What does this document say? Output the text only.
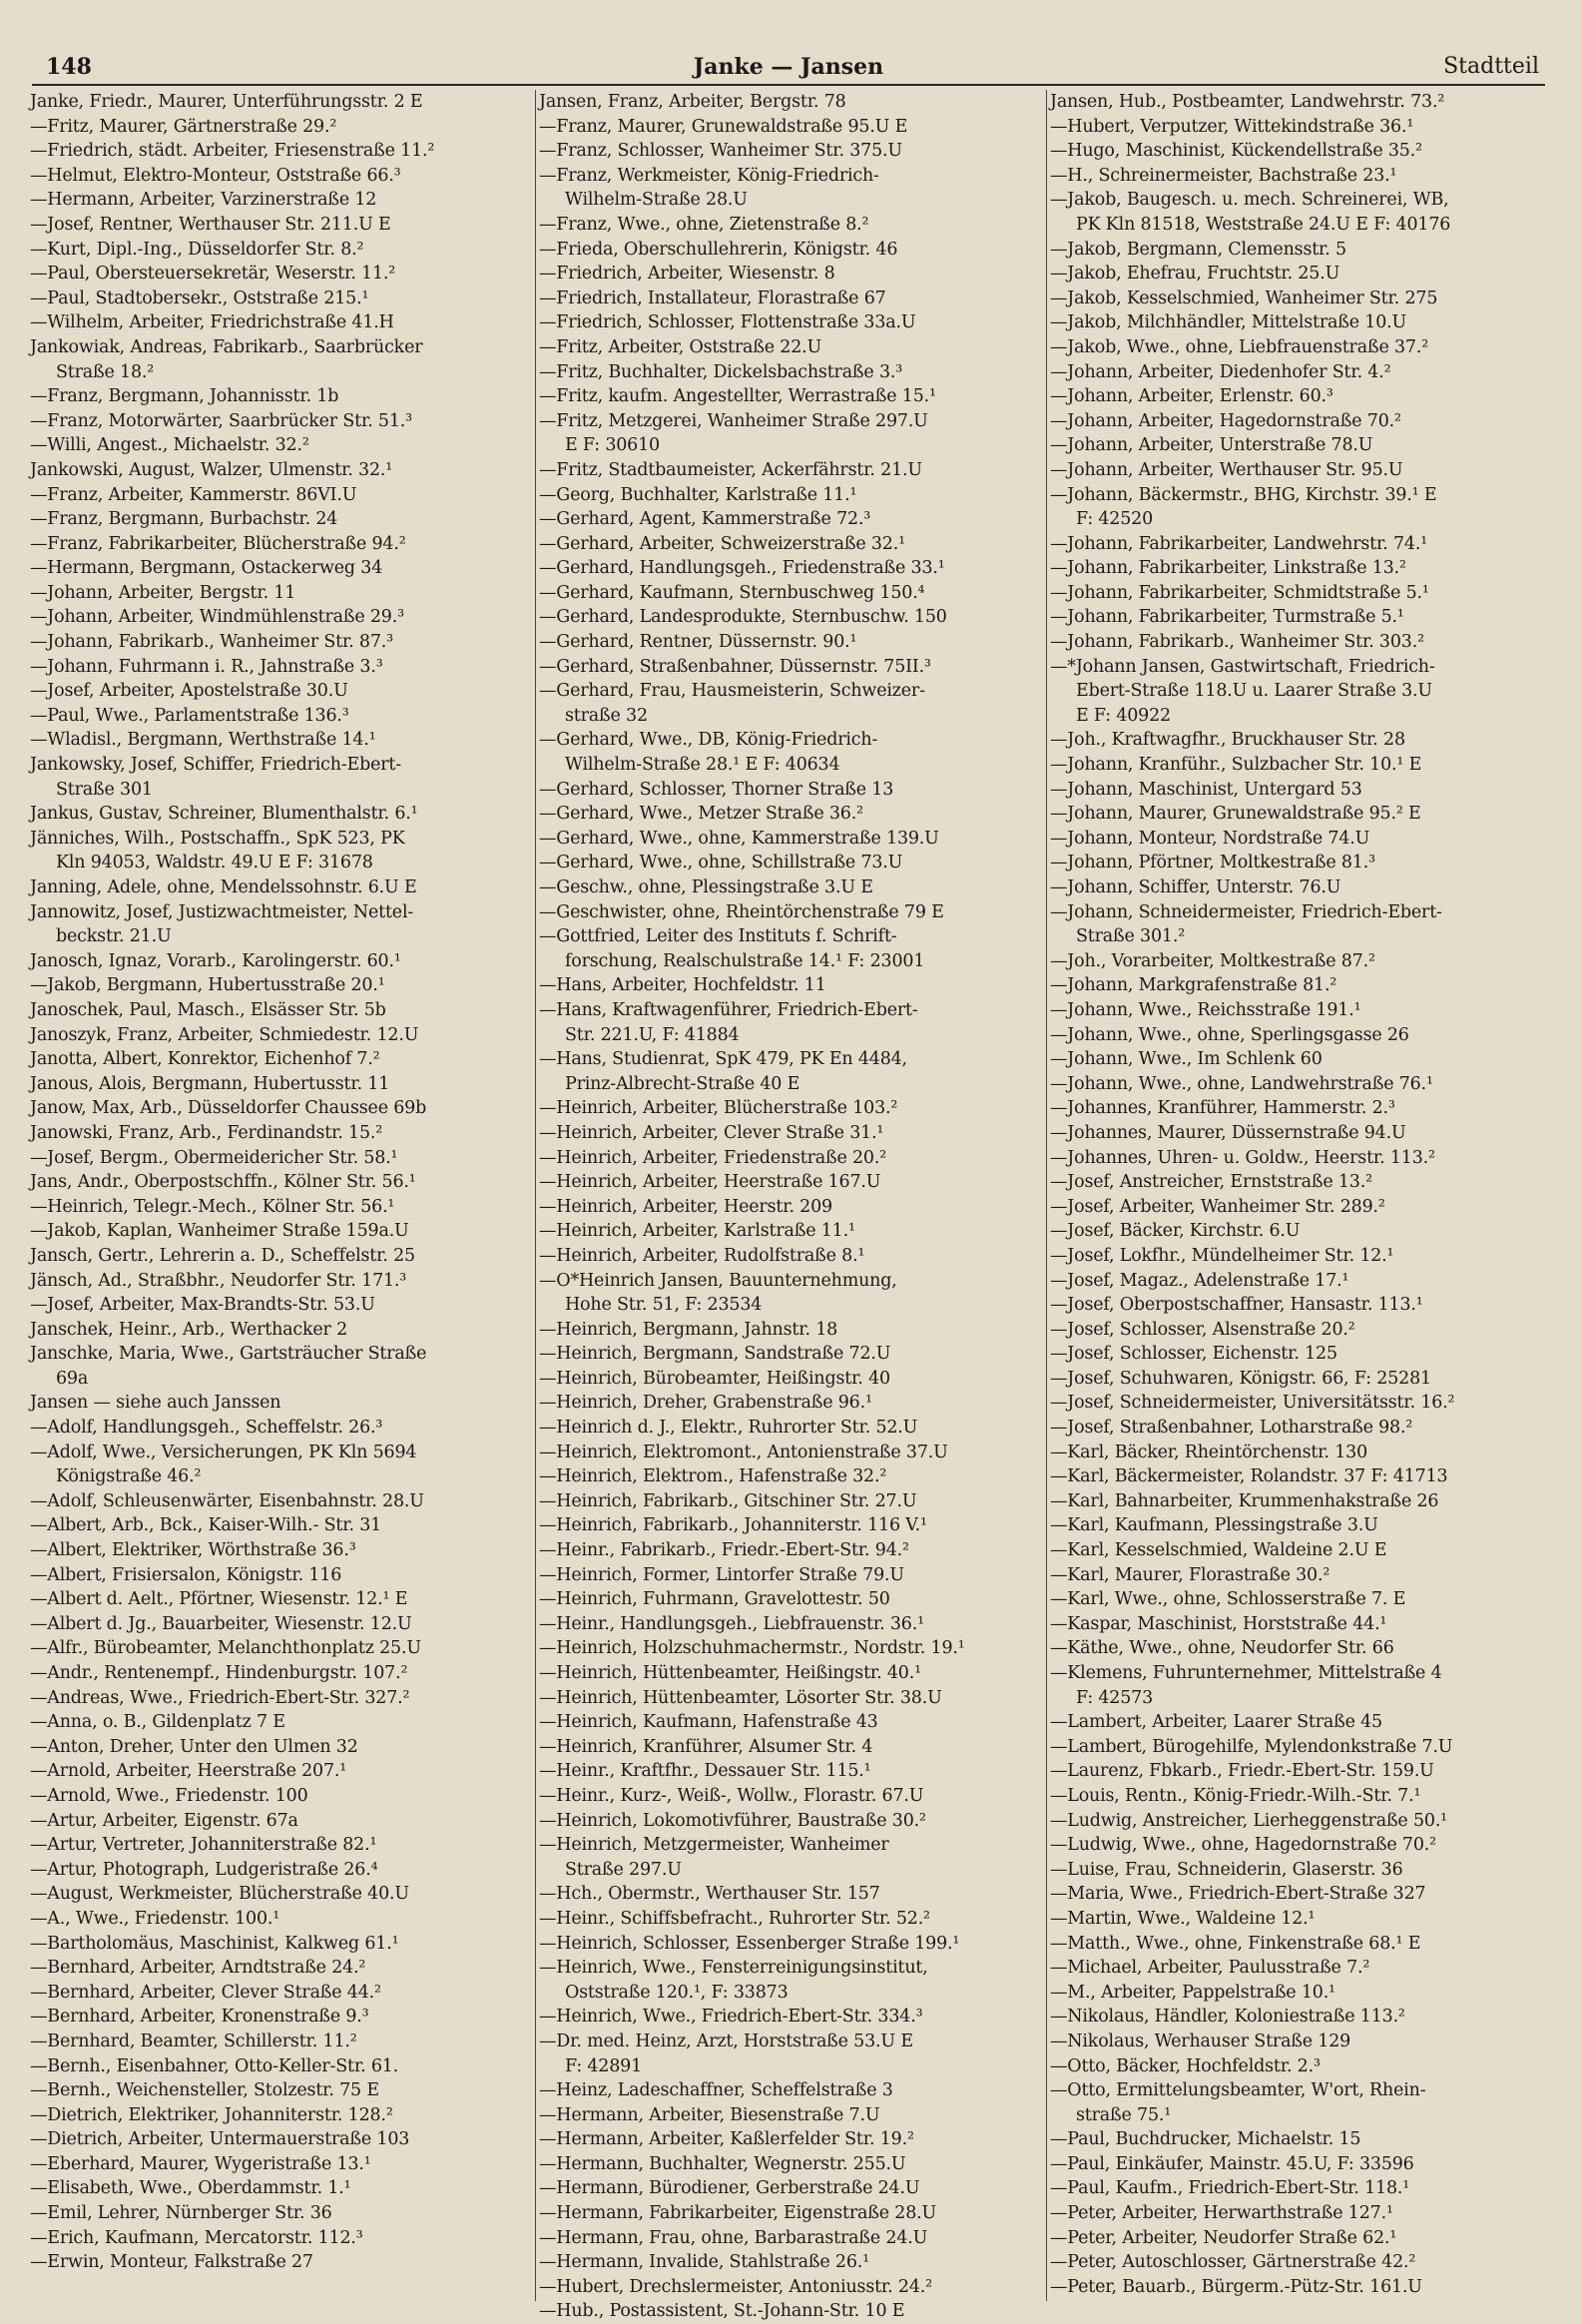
148	Janke — Jansen	Stadtteil
Janke, Friedr., Maurer, Unterführungsstr. 2 E
—Fritz, Maurer, Gärtnerstraße 29.²
—Friedrich, städt. Arbeiter, Friesenstraße 11.²
—Helmut, Elektro-Monteur, Oststraße 66.³
—Hermann, Arbeiter, Varzinerstraße 12
—Josef, Rentner, Werthauser Str. 211.U E
—Kurt, Dipl.-Ing., Düsseldorfer Str. 8.²
—Paul, Obersteuersekretär, Weserstr. 11.²
—Paul, Stadtobersekr., Oststraße 215.¹
—Wilhelm, Arbeiter, Friedrichstraße 41.H
Jankowiak, Andreas, Fabrikarb., Saarbrücker
Straße 18.²
—Franz, Bergmann, Johannisstr. 1b
—Franz, Motorwärter, Saarbrücker Str. 51.³
—Willi, Angest., Michaelstr. 32.²
Jankowski, August, Walzer, Ulmenstr. 32.¹
—Franz, Arbeiter, Kammerstr. 86VI.U
—Franz, Bergmann, Burbachstr. 24
—Franz, Fabrikarbeiter, Blücherstraße 94.²
—Hermann, Bergmann, Ostackerweg 34
—Johann, Arbeiter, Bergstr. 11
—Johann, Arbeiter, Windmühlenstraße 29.³
—Johann, Fabrikarb., Wanheimer Str. 87.³
—Johann, Fuhrmann i. R., Jahnstraße 3.³
—Josef, Arbeiter, Apostelstraße 30.U
—Paul, Wwe., Parlamentstraße 136.³
—Wladisl., Bergmann, Werthstraße 14.¹
Jankowsky, Josef, Schiffer, Friedrich-Ebert-
Straße 301
Jankus, Gustav, Schreiner, Blumenthalstr. 6.¹
Jänniches, Wilh., Postschaffn., SpK 523, PK
Kln 94053, Waldstr. 49.U E F: 31678
Janning, Adele, ohne, Mendelssohnstr. 6.U E
Jannowitz, Josef, Justizwachtmeister, Nettel-
beckstr. 21.U
Janosch, Ignaz, Vorarb., Karolingerstr. 60.¹
—Jakob, Bergmann, Hubertusstraße 20.¹
Janoschek, Paul, Masch., Elsässer Str. 5b
Janoszyk, Franz, Arbeiter, Schmiedestr. 12.U
Janotta, Albert, Konrektor, Eichenhof 7.²
Janous, Alois, Bergmann, Hubertusstr. 11
Janow, Max, Arb., Düsseldorfer Chaussee 69b
Janowski, Franz, Arb., Ferdinandstr. 15.²
—Josef, Bergm., Obermeidericher Str. 58.¹
Jans, Andr., Oberpostschffn., Kölner Str. 56.¹
—Heinrich, Telegr.-Mech., Kölner Str. 56.¹
—Jakob, Kaplan, Wanheimer Straße 159a.U
Jansch, Gertr., Lehrerin a. D., Scheffelstr. 25
Jänsch, Ad., Straßbhr., Neudorfer Str. 171.³
—Josef, Arbeiter, Max-Brandts-Str. 53.U
Janschek, Heinr., Arb., Werthacker 2
Janschke, Maria, Wwe., Gartsträucher Straße
69a
Jansen — siehe auch Janssen
—Adolf, Handlungsgeh., Scheffelstr. 26.³
—Adolf, Wwe., Versicherungen, PK Kln 5694
Königstraße 46.²
—Adolf, Schleusenwärter, Eisenbahnstr. 28.U
—Albert, Arb., Bck., Kaiser-Wilh.- Str. 31
—Albert, Elektriker, Wörthstraße 36.³
—Albert, Frisiersalon, Königstr. 116
—Albert d. Aelt., Pförtner, Wiesenstr. 12.¹ E
—Albert d. Jg., Bauarbeiter, Wiesenstr. 12.U
—Alfr., Bürobeamter, Melanchthonplatz 25.U
—Andr., Rentenempf., Hindenburgstr. 107.²
—Andreas, Wwe., Friedrich-Ebert-Str. 327.²
—Anna, o. B., Gildenplatz 7 E
—Anton, Dreher, Unter den Ulmen 32
—Arnold, Arbeiter, Heerstraße 207.¹
—Arnold, Wwe., Friedenstr. 100
—Artur, Arbeiter, Eigenstr. 67a
—Artur, Vertreter, Johanniterstraße 82.¹
—Artur, Photograph, Ludgeristraße 26.⁴
—August, Werkmeister, Blücherstraße 40.U
—A., Wwe., Friedenstr. 100.¹
—Bartholomäus, Maschinist, Kalkweg 61.¹
—Bernhard, Arbeiter, Arndtstraße 24.²
—Bernhard, Arbeiter, Clever Straße 44.²
—Bernhard, Arbeiter, Kronenstraße 9.³
—Bernhard, Beamter, Schillerstr. 11.²
—Bernh., Eisenbahner, Otto-Keller-Str. 61.
—Bernh., Weichensteller, Stolzestr. 75 E
—Dietrich, Elektriker, Johanniterstr. 128.²
—Dietrich, Arbeiter, Untermauerstraße 103
—Eberhard, Maurer, Wygeristraße 13.¹
—Elisabeth, Wwe., Oberdammstr. 1.¹
—Emil, Lehrer, Nürnberger Str. 36
—Erich, Kaufmann, Mercatorstr. 112.³
—Erwin, Monteur, Falkstraße 27
Jansen, Franz, Arbeiter, Bergstr. 78
—Franz, Maurer, Grunewaldstraße 95.U E
—Franz, Schlosser, Wanheimer Str. 375.U
—Franz, Werkmeister, König-Friedrich-
Wilhelm-Straße 28.U
—Franz, Wwe., ohne, Zietenstraße 8.²
—Frieda, Oberschullehrerin, Königstr. 46
—Friedrich, Arbeiter, Wiesenstr. 8
—Friedrich, Installateur, Florastraße 67
—Friedrich, Schlosser, Flottenstraße 33a.U
—Fritz, Arbeiter, Oststraße 22.U
—Fritz, Buchhalter, Dickelsbachstraße 3.³
—Fritz, kaufm. Angestellter, Werrastraße 15.¹
—Fritz, Metzgerei, Wanheimer Straße 297.U
E F: 30610
—Fritz, Stadtbaumeister, Ackerfährstr. 21.U
—Georg, Buchhalter, Karlstraße 11.¹
—Gerhard, Agent, Kammerstraße 72.³
—Gerhard, Arbeiter, Schweizerstraße 32.¹
—Gerhard, Handlungsgeh., Friedenstraße 33.¹
—Gerhard, Kaufmann, Sternbuschweg 150.⁴
—Gerhard, Landesprodukte, Sternbuschw. 150
—Gerhard, Rentner, Düssernstr. 90.¹
—Gerhard, Straßenbahner, Düssernstr. 75II.³
—Gerhard, Frau, Hausmeisterin, Schweizer-
straße 32
—Gerhard, Wwe., DB, König-Friedrich-
Wilhelm-Straße 28.¹ E F: 40634
—Gerhard, Schlosser, Thorner Straße 13
—Gerhard, Wwe., Metzer Straße 36.²
—Gerhard, Wwe., ohne, Kammerstraße 139.U
—Gerhard, Wwe., ohne, Schillstraße 73.U
—Geschw., ohne, Plessingstraße 3.U E
—Geschwister, ohne, Rheintörchenstraße 79 E
—Gottfried, Leiter des Instituts f. Schrift-
forschung, Realschulstraße 14.¹ F: 23001
—Hans, Arbeiter, Hochfeldstr. 11
—Hans, Kraftwagenführer, Friedrich-Ebert-
Str. 221.U, F: 41884
—Hans, Studienrat, SpK 479, PK En 4484,
Prinz-Albrecht-Straße 40 E
—Heinrich, Arbeiter, Blücherstraße 103.²
—Heinrich, Arbeiter, Clever Straße 31.¹
—Heinrich, Arbeiter, Friedenstraße 20.²
—Heinrich, Arbeiter, Heerstraße 167.U
—Heinrich, Arbeiter, Heerstr. 209
—Heinrich, Arbeiter, Karlstraße 11.¹
—Heinrich, Arbeiter, Rudolfstraße 8.¹
—O*Heinrich Jansen, Bauunternehmung,
Hohe Str. 51, F: 23534
—Heinrich, Bergmann, Jahnstr. 18
—Heinrich, Bergmann, Sandstraße 72.U
—Heinrich, Bürobeamter, Heißingstr. 40
—Heinrich, Dreher, Grabenstraße 96.¹
—Heinrich d. J., Elektr., Ruhrorter Str. 52.U
—Heinrich, Elektromont., Antonienstraße 37.U
—Heinrich, Elektrom., Hafenstraße 32.²
—Heinrich, Fabrikarb., Gitschiner Str. 27.U
—Heinrich, Fabrikarb., Johanniterstr. 116 V.¹
—Heinr., Fabrikarb., Friedr.-Ebert-Str. 94.²
—Heinrich, Former, Lintorfer Straße 79.U
—Heinrich, Fuhrmann, Gravelottestr. 50
—Heinr., Handlungsgeh., Liebfrauenstr. 36.¹
—Heinrich, Holzschuhmachermstr., Nordstr. 19.¹
—Heinrich, Hüttenbeamter, Heißingstr. 40.¹
—Heinrich, Hüttenbeamter, Lösorter Str. 38.U
—Heinrich, Kaufmann, Hafenstraße 43
—Heinrich, Kranführer, Alsumer Str. 4
—Heinr., Kraftfhr., Dessauer Str. 115.¹
—Heinr., Kurz-, Weiß-, Wollw., Florastr. 67.U
—Heinrich, Lokomotivführer, Baustraße 30.²
—Heinrich, Metzgermeister, Wanheimer
Straße 297.U
—Hch., Obermstr., Werthauser Str. 157
—Heinr., Schiffsbefracht., Ruhrorter Str. 52.²
—Heinrich, Schlosser, Essenberger Straße 199.¹
—Heinrich, Wwe., Fensterreinigungsinstitut,
Oststraße 120.¹, F: 33873
—Heinrich, Wwe., Friedrich-Ebert-Str. 334.³
—Dr. med. Heinz, Arzt, Horststraße 53.U E
F: 42891
—Heinz, Ladeschaffner, Scheffelstraße 3
—Hermann, Arbeiter, Biesenstraße 7.U
—Hermann, Arbeiter, Kaßlerfelder Str. 19.²
—Hermann, Buchhalter, Wegnerstr. 255.U
—Hermann, Bürodiener, Gerberstraße 24.U
—Hermann, Fabrikarbeiter, Eigenstraße 28.U
—Hermann, Frau, ohne, Barbarastraße 24.U
—Hermann, Invalide, Stahlstraße 26.¹
—Hubert, Drechslermeister, Antoniusstr. 24.²
—Hub., Postassistent, St.-Johann-Str. 10 E
Jansen, Hub., Postbeamter, Landwehrstr. 73.²
—Hubert, Verputzer, Wittekindstraße 36.¹
—Hugo, Maschinist, Kückendellstraße 35.²
—H., Schreinermeister, Bachstraße 23.¹
—Jakob, Baugesch. u. mech. Schreinerei, WB,
PK Kln 81518, Weststraße 24.U E F: 40176
—Jakob, Bergmann, Clemensstr. 5
—Jakob, Ehefrau, Fruchtstr. 25.U
—Jakob, Kesselschmied, Wanheimer Str. 275
—Jakob, Milchhändler, Mittelstraße 10.U
—Jakob, Wwe., ohne, Liebfrauenstraße 37.²
—Johann, Arbeiter, Diedenhofer Str. 4.²
—Johann, Arbeiter, Erlenstr. 60.³
—Johann, Arbeiter, Hagedornstraße 70.²
—Johann, Arbeiter, Unterstraße 78.U
—Johann, Arbeiter, Werthauser Str. 95.U
—Johann, Bäckermstr., BHG, Kirchstr. 39.¹ E
F: 42520
—Johann, Fabrikarbeiter, Landwehrstr. 74.¹
—Johann, Fabrikarbeiter, Linkstraße 13.²
—Johann, Fabrikarbeiter, Schmidtstraße 5.¹
—Johann, Fabrikarbeiter, Turmstraße 5.¹
—Johann, Fabrikarb., Wanheimer Str. 303.²
—*Johann Jansen, Gastwirtschaft, Friedrich-
Ebert-Straße 118.U u. Laarer Straße 3.U
E F: 40922
—Joh., Kraftwagfhr., Bruckhauser Str. 28
—Johann, Kranführ., Sulzbacher Str. 10.¹ E
—Johann, Maschinist, Untergard 53
—Johann, Maurer, Grunewaldstraße 95.² E
—Johann, Monteur, Nordstraße 74.U
—Johann, Pförtner, Moltkestraße 81.³
—Johann, Schiffer, Unterstr. 76.U
—Johann, Schneidermeister, Friedrich-Ebert-
Straße 301.²
—Joh., Vorarbeiter, Moltkestraße 87.²
—Johann, Markgrafenstraße 81.²
—Johann, Wwe., Reichsstraße 191.¹
—Johann, Wwe., ohne, Sperlingsgasse 26
—Johann, Wwe., Im Schlenk 60
—Johann, Wwe., ohne, Landwehrstraße 76.¹
—Johannes, Kranführer, Hammerstr. 2.³
—Johannes, Maurer, Düssernstraße 94.U
—Johannes, Uhren- u. Goldw., Heerstr. 113.²
—Josef, Anstreicher, Ernststraße 13.²
—Josef, Arbeiter, Wanheimer Str. 289.²
—Josef, Bäcker, Kirchstr. 6.U
—Josef, Lokfhr., Mündelheimer Str. 12.¹
—Josef, Magaz., Adelenstraße 17.¹
—Josef, Oberpostschaffner, Hansastr. 113.¹
—Josef, Schlosser, Alsenstraße 20.²
—Josef, Schlosser, Eichenstr. 125
—Josef, Schuhwaren, Königstr. 66, F: 25281
—Josef, Schneidermeister, Universitätsstr. 16.²
—Josef, Straßenbahner, Lotharstraße 98.²
—Karl, Bäcker, Rheintörchenstr. 130
—Karl, Bäckermeister, Rolandstr. 37 F: 41713
—Karl, Bahnarbeiter, Krummenhakstraße 26
—Karl, Kaufmann, Plessingstraße 3.U
—Karl, Kesselschmied, Waldeine 2.U E
—Karl, Maurer, Florastraße 30.²
—Karl, Wwe., ohne, Schlosserstraße 7. E
—Kaspar, Maschinist, Horststraße 44.¹
—Käthe, Wwe., ohne, Neudorfer Str. 66
—Klemens, Fuhrunternehmer, Mittelstraße 4
F: 42573
—Lambert, Arbeiter, Laarer Straße 45
—Lambert, Bürogehilfe, Mylendonkstraße 7.U
—Laurenz, Fbkarb., Friedr.-Ebert-Str. 159.U
—Louis, Rentn., König-Friedr.-Wilh.-Str. 7.¹
—Ludwig, Anstreicher, Lierheggenstraße 50.¹
—Ludwig, Wwe., ohne, Hagedornstraße 70.²
—Luise, Frau, Schneiderin, Glaserstr. 36
—Maria, Wwe., Friedrich-Ebert-Straße 327
—Martin, Wwe., Waldeine 12.¹
—Matth., Wwe., ohne, Finkenstraße 68.¹ E
—Michael, Arbeiter, Paulusstraße 7.²
—M., Arbeiter, Pappelstraße 10.¹
—Nikolaus, Händler, Koloniestraße 113.²
—Nikolaus, Werhauser Straße 129
—Otto, Bäcker, Hochfeldstr. 2.³
—Otto, Ermittelungsbeamter, W'ort, Rhein-
straße 75.¹
—Paul, Buchdrucker, Michaelstr. 15
—Paul, Einkäufer, Mainstr. 45.U, F: 33596
—Paul, Kaufm., Friedrich-Ebert-Str. 118.¹
—Peter, Arbeiter, Herwarthstraße 127.¹
—Peter, Arbeiter, Neudorfer Straße 62.¹
—Peter, Autoschlosser, Gärtnerstraße 42.²
—Peter, Bauarb., Bürgerm.-Pütz-Str. 161.U
